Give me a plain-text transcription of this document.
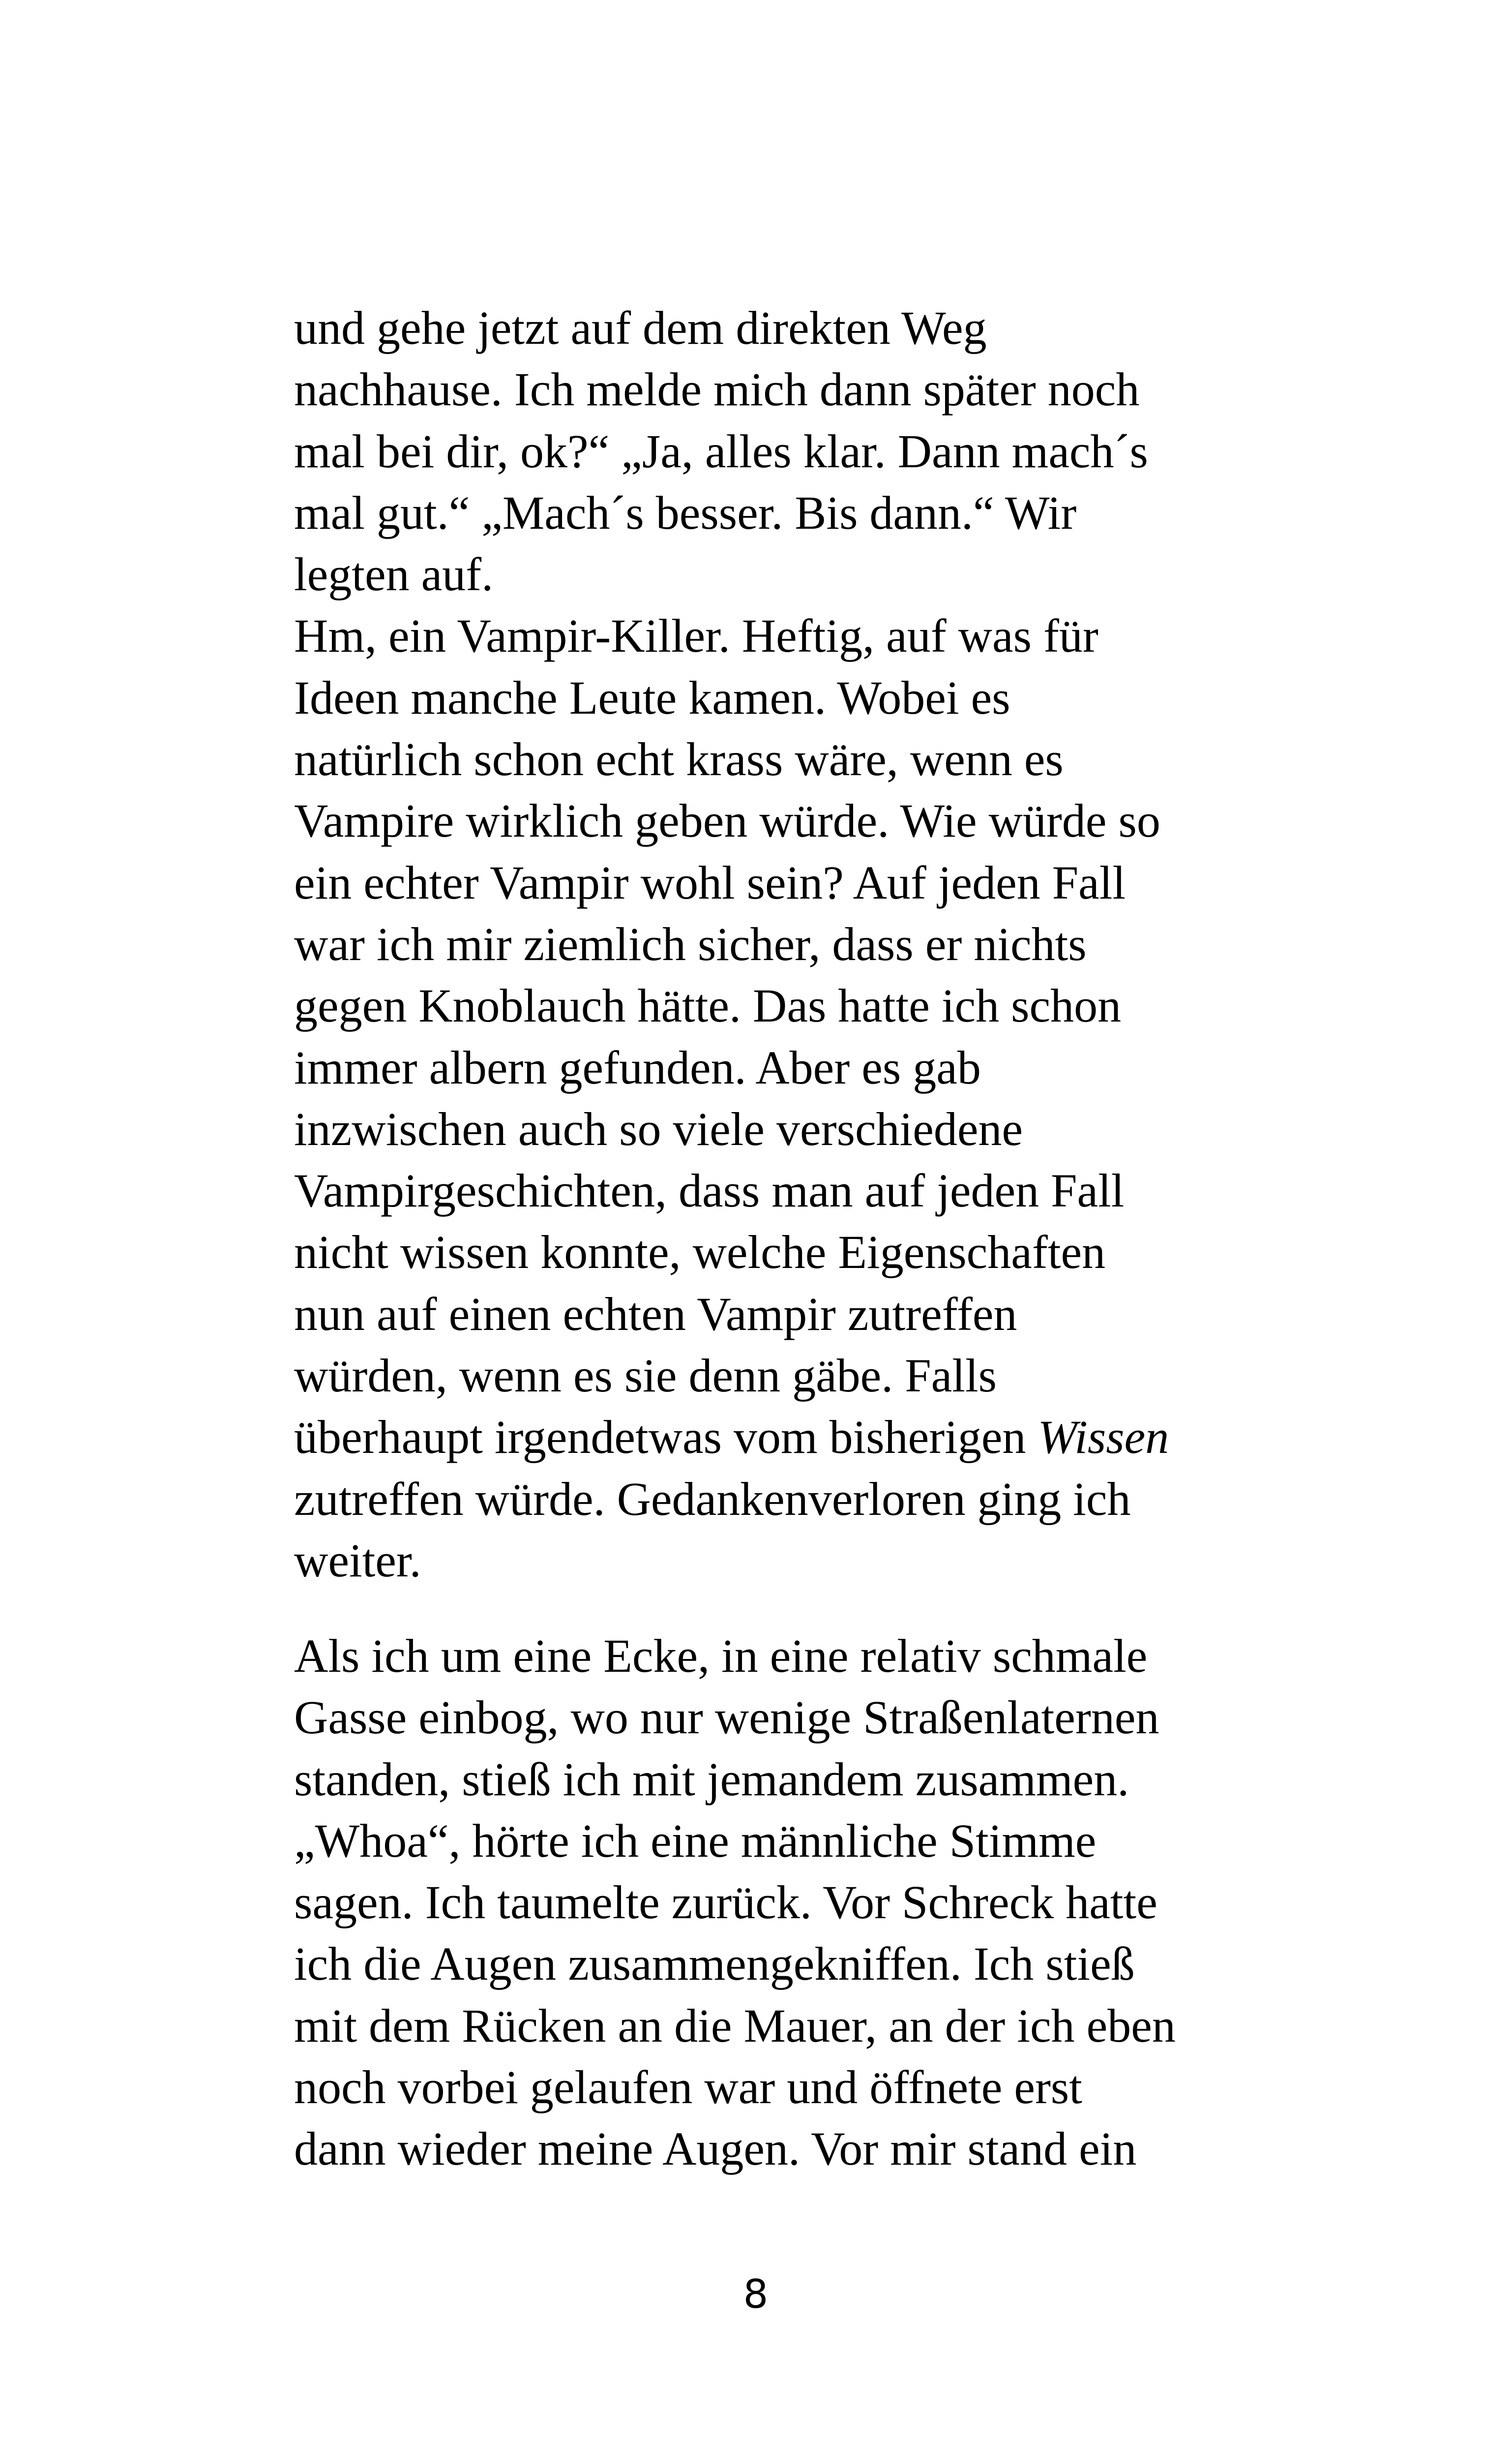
und gehe jetzt auf dem direkten Weg
nachhause. Ich melde mich dann später noch
mal bei dir, ok?“ „Ja, alles klar. Dann mach´s
mal gut.“ „Mach´s besser. Bis dann.“ Wir
legten auf.
Hm, ein Vampir-Killer. Heftig, auf was für
Ideen manche Leute kamen. Wobei es
natürlich schon echt krass wäre, wenn es
Vampire wirklich geben würde. Wie würde so
ein echter Vampir wohl sein? Auf jeden Fall
war ich mir ziemlich sicher, dass er nichts
gegen Knoblauch hätte. Das hatte ich schon
immer albern gefunden. Aber es gab
inzwischen auch so viele verschiedene
Vampirgeschichten, dass man auf jeden Fall
nicht wissen konnte, welche Eigenschaften
nun auf einen echten Vampir zutreffen
würden, wenn es sie denn gäbe. Falls
überhaupt irgendetwas vom bisherigen Wissen
zutreffen würde. Gedankenverloren ging ich
weiter.
Als ich um eine Ecke, in eine relativ schmale
Gasse einbog, wo nur wenige Straßenlaternen
standen, stieß ich mit jemandem zusammen.
„Whoa“, hörte ich eine männliche Stimme
sagen. Ich taumelte zurück. Vor Schreck hatte
ich die Augen zusammengekniffen. Ich stieß
mit dem Rücken an die Mauer, an der ich eben
noch vorbei gelaufen war und öffnete erst
dann wieder meine Augen. Vor mir stand ein
8
